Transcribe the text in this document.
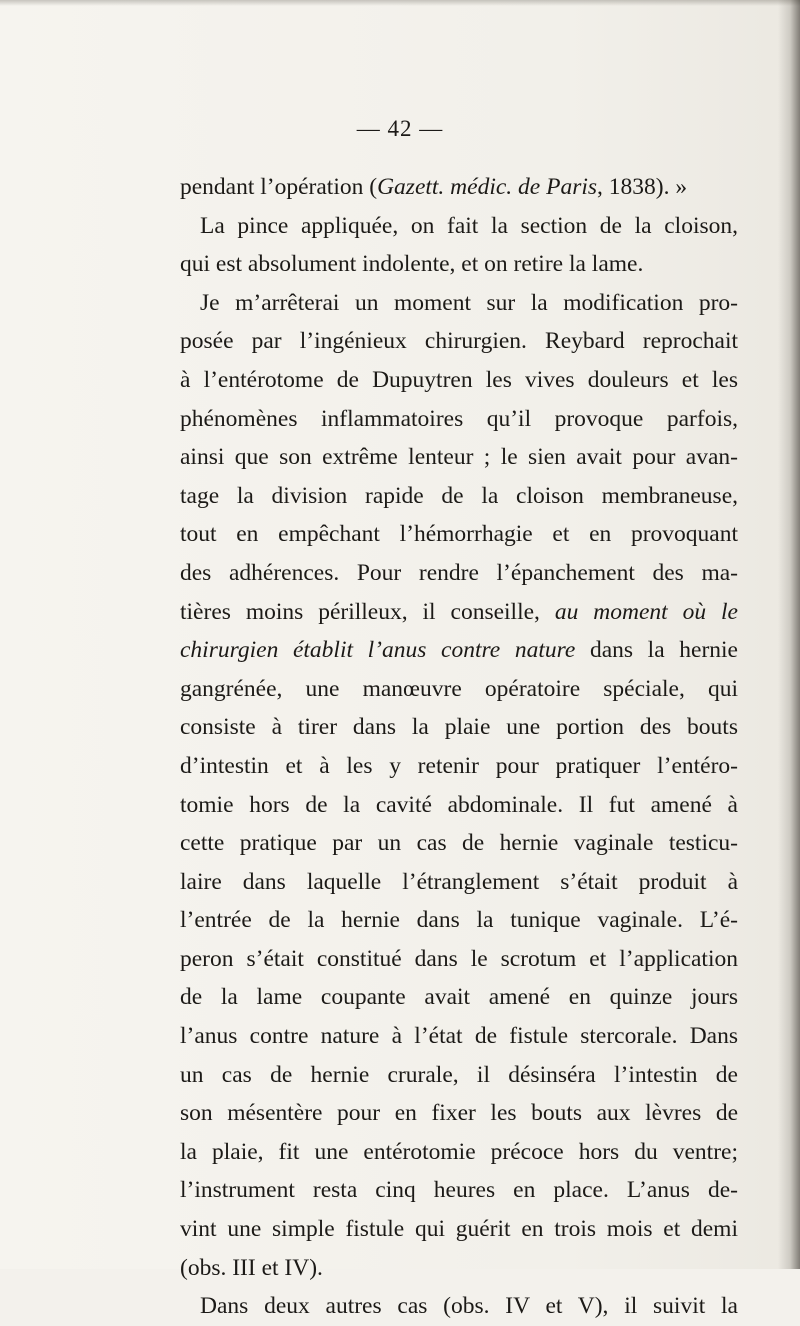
— 42 —
pendant l’opération (Gazett. médic. de Paris, 1838). »
La pince appliquée, on fait la section de la cloison,
qui est absolument indolente, et on retire la lame.
Je m’arrêterai un moment sur la modification pro-
posée par l’ingénieux chirurgien. Reybard reprochait
à l’entérotome de Dupuytren les vives douleurs et les
phénomènes inflammatoires qu’il provoque parfois,
ainsi que son extrême lenteur ; le sien avait pour avan-
tage la division rapide de la cloison membraneuse,
tout en empêchant l’hémorrhagie et en provoquant
des adhérences. Pour rendre l’épanchement des ma-
tières moins périlleux, il conseille, au moment où le
chirurgien établit l’anus contre nature dans la hernie
gangrénée, une manœuvre opératoire spéciale, qui
consiste à tirer dans la plaie une portion des bouts
d’intestin et à les y retenir pour pratiquer l’entéro-
tomie hors de la cavité abdominale. Il fut amené à
cette pratique par un cas de hernie vaginale testicu-
laire dans laquelle l’étranglement s’était produit à
l’entrée de la hernie dans la tunique vaginale. L’é-
peron s’était constitué dans le scrotum et l’application
de la lame coupante avait amené en quinze jours
l’anus contre nature à l’état de fistule stercorale. Dans
un cas de hernie crurale, il désinséra l’intestin de
son mésentère pour en fixer les bouts aux lèvres de
la plaie, fit une entérotomie précoce hors du ventre;
l’instrument resta cinq heures en place. L’anus de-
vint une simple fistule qui guérit en trois mois et demi
(obs. III et IV).
Dans deux autres cas (obs. IV et V), il suivit la
